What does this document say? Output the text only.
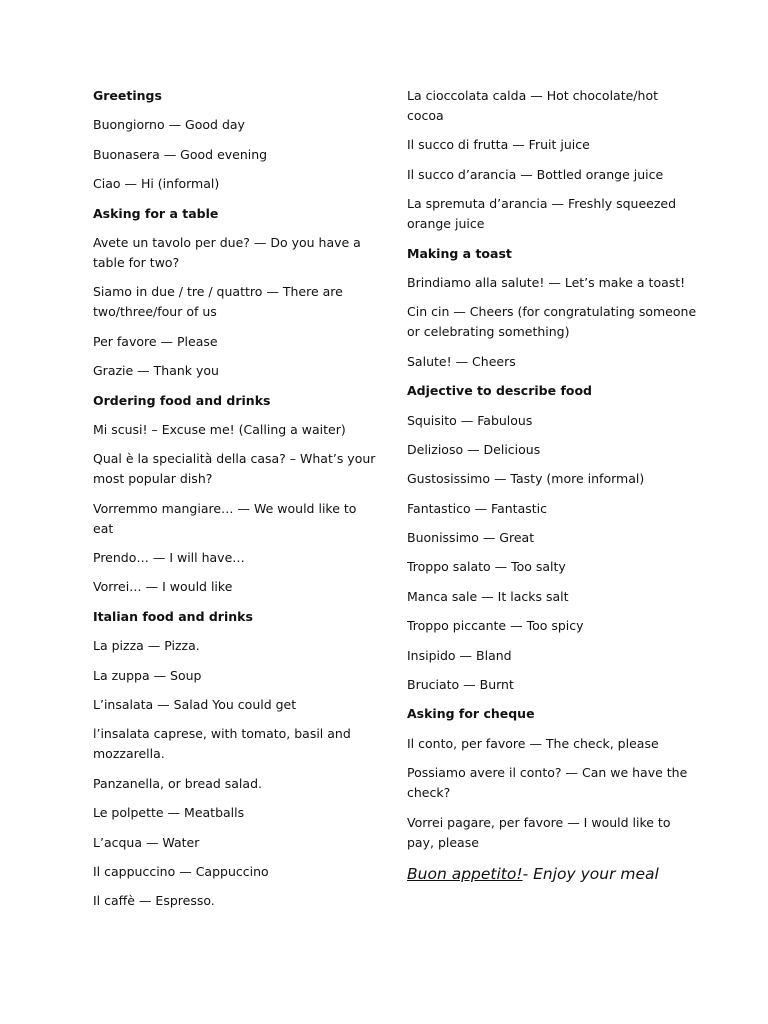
Greetings
Buongiorno — Good day
Buonasera — Good evening
Ciao — Hi (informal)
Asking for a table
Avete un tavolo per due? — Do you have a table for two?
Siamo in due / tre / quattro — There are two/three/four of us
Per favore — Please
Grazie — Thank you
Ordering food and drinks
Mi scusi! – Excuse me! (Calling a waiter)
Qual è la specialità della casa? – What’s your most popular dish?
Vorremmo mangiare… — We would like to eat
Prendo… — I will have…
Vorrei… — I would like
Italian food and drinks
La pizza — Pizza.
La zuppa — Soup
L’insalata — Salad You could get
l’insalata caprese, with tomato, basil and mozzarella.
Panzanella, or bread salad.
Le polpette — Meatballs
L’acqua — Water
Il cappuccino — Cappuccino
Il caffè — Espresso.
La cioccolata calda — Hot chocolate/hot cocoa
Il succo di frutta — Fruit juice
Il succo d’arancia — Bottled orange juice
La spremuta d’arancia — Freshly squeezed orange juice
Making a toast
Brindiamo alla salute! — Let’s make a toast!
Cin cin — Cheers (for congratulating someone or celebrating something)
Salute! — Cheers
Adjective to describe food
Squisito — Fabulous
Delizioso — Delicious
Gustosissimo — Tasty (more informal)
Fantastico — Fantastic
Buonissimo — Great
Troppo salato — Too salty
Manca sale — It lacks salt
Troppo piccante — Too spicy
Insipido — Bland
Bruciato — Burnt
Asking for cheque
Il conto, per favore — The check, please
Possiamo avere il conto? — Can we have the check?
Vorrei pagare, per favore — I would like to pay, please
Buon appetito!- Enjoy your meal
